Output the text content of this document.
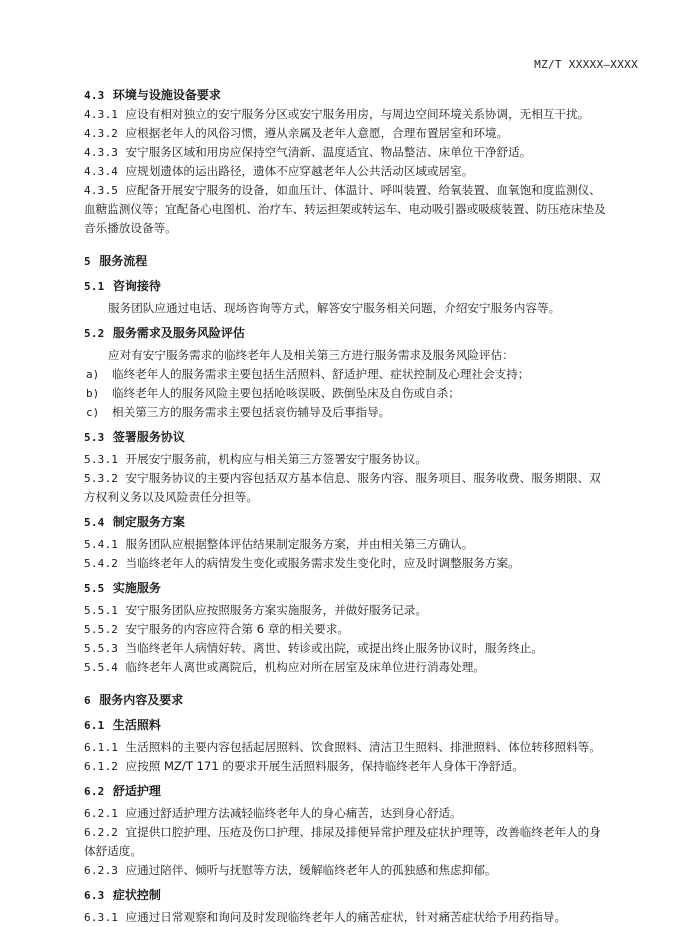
MZ/T XXXXX—XXXX
4.3 环境与设施设备要求
4.3.1 应设有相对独立的安宁服务分区或安宁服务用房，与周边空间环境关系协调，无相互干扰。
4.3.2 应根据老年人的风俗习惯，遵从亲属及老年人意愿，合理布置居室和环境。
4.3.3 安宁服务区域和用房应保持空气清新、温度适宜、物品整洁、床单位干净舒适。
4.3.4 应规划遗体的运出路径，遗体不应穿越老年人公共活动区域或居室。
4.3.5 应配备开展安宁服务的设备，如血压计、体温计、呼叫装置、给氧装置、血氧饱和度监测仪、
血糖监测仪等；宜配备心电图机、治疗车、转运担架或转运车、电动吸引器或吸痰装置、防压疮床垫及
音乐播放设备等。
5 服务流程
5.1 咨询接待
服务团队应通过电话、现场咨询等方式，解答安宁服务相关问题，介绍安宁服务内容等。
5.2 服务需求及服务风险评估
应对有安宁服务需求的临终老年人及相关第三方进行服务需求及服务风险评估：
a) 临终老年人的服务需求主要包括生活照料、舒适护理、症状控制及心理社会支持；
b) 临终老年人的服务风险主要包括呛咳误吸、跌倒坠床及自伤或自杀；
c) 相关第三方的服务需求主要包括哀伤辅导及后事指导。
5.3 签署服务协议
5.3.1 开展安宁服务前，机构应与相关第三方签署安宁服务协议。
5.3.2 安宁服务协议的主要内容包括双方基本信息、服务内容、服务项目、服务收费、服务期限、双
方权利义务以及风险责任分担等。
5.4 制定服务方案
5.4.1 服务团队应根据整体评估结果制定服务方案，并由相关第三方确认。
5.4.2 当临终老年人的病情发生变化或服务需求发生变化时，应及时调整服务方案。
5.5 实施服务
5.5.1 安宁服务团队应按照服务方案实施服务，并做好服务记录。
5.5.2 安宁服务的内容应符合第 6 章的相关要求。
5.5.3 当临终老年人病情好转、离世、转诊或出院，或提出终止服务协议时，服务终止。
5.5.4 临终老年人离世或离院后，机构应对所在居室及床单位进行消毒处理。
6 服务内容及要求
6.1 生活照料
6.1.1 生活照料的主要内容包括起居照料、饮食照料、清洁卫生照料、排泄照料、体位转移照料等。
6.1.2 应按照 MZ/T 171 的要求开展生活照料服务，保持临终老年人身体干净舒适。
6.2 舒适护理
6.2.1 应通过舒适护理方法减轻临终老年人的身心痛苦，达到身心舒适。
6.2.2 宜提供口腔护理、压疮及伤口护理、排尿及排便异常护理及症状护理等，改善临终老年人的身
体舒适度。
6.2.3 应通过陪伴、倾听与抚慰等方法，缓解临终老年人的孤独感和焦虑抑郁。
6.3 症状控制
6.3.1 应通过日常观察和询问及时发现临终老年人的痛苦症状，针对痛苦症状给予用药指导。
